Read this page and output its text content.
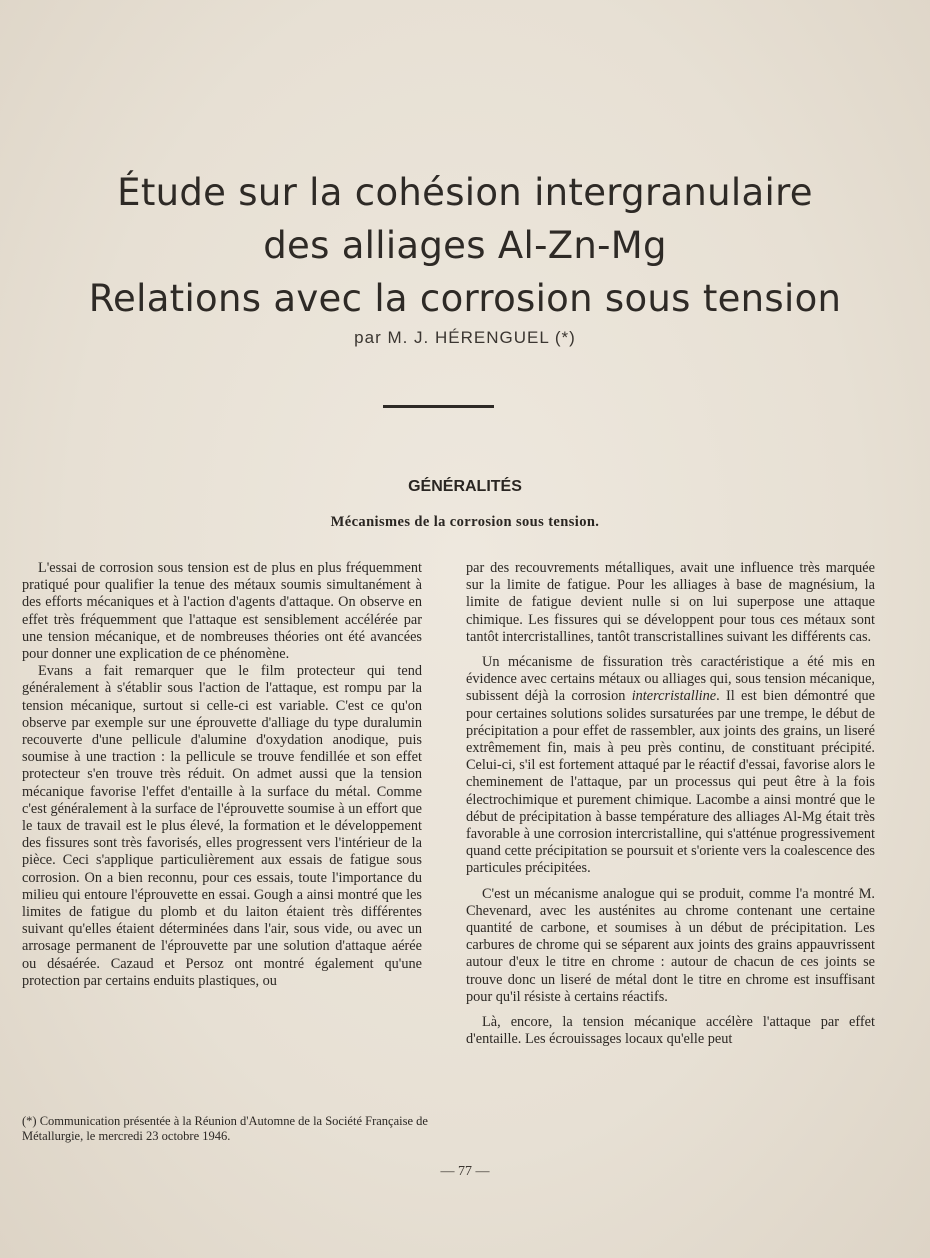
Étude sur la cohésion intergranulaire
des alliages Al-Zn-Mg
Relations avec la corrosion sous tension
par M. J. HÉRENGUEL (*)
GÉNÉRALITÉS
Mécanismes de la corrosion sous tension.

L'essai de corrosion sous tension est de plus en plus fréquemment pratiqué pour qualifier la tenue des métaux soumis simultanément à des efforts mécaniques et à l'action d'agents d'attaque. On observe en effet très fréquemment que l'attaque est sensiblement accélérée par une tension mécanique, et de nombreuses théories ont été avancées pour donner une explication de ce phénomène.

Evans a fait remarquer que le film protecteur qui tend généralement à s'établir sous l'action de l'attaque, est rompu par la tension mécanique, surtout si celle-ci est variable. C'est ce qu'on observe par exemple sur une éprouvette d'alliage du type duralumin recouverte d'une pellicule d'alumine d'oxydation anodique, puis soumise à une traction : la pellicule se trouve fendillée et son effet protecteur s'en trouve très réduit. On admet aussi que la tension mécanique favorise l'effet d'entaille à la surface du métal. Comme c'est généralement à la surface de l'éprouvette soumise à un effort que le taux de travail est le plus élevé, la formation et le développement des fissures sont très favorisés, elles progressent vers l'intérieur de la pièce. Ceci s'applique particulièrement aux essais de fatigue sous corrosion. On a bien reconnu, pour ces essais, toute l'importance du milieu qui entoure l'éprouvette en essai. Gough a ainsi montré que les limites de fatigue du plomb et du laiton étaient très différentes suivant qu'elles étaient déterminées dans l'air, sous vide, ou avec un arrosage permanent de l'éprouvette par une solution d'attaque aérée ou désaérée. Cazaud et Persoz ont montré également qu'une protection par certains enduits plastiques, ou

par des recouvrements métalliques, avait une influence très marquée sur la limite de fatigue. Pour les alliages à base de magnésium, la limite de fatigue devient nulle si on lui superpose une attaque chimique. Les fissures qui se développent pour tous ces métaux sont tantôt intercristallines, tantôt transcristallines suivant les différents cas.

Un mécanisme de fissuration très caractéristique a été mis en évidence avec certains métaux ou alliages qui, sous tension mécanique, subissent déjà la corrosion intercristalline. Il est bien démontré que pour certaines solutions solides sursaturées par une trempe, le début de précipitation a pour effet de rassembler, aux joints des grains, un liseré extrêmement fin, mais à peu près continu, de constituant précipité. Celui-ci, s'il est fortement attaqué par le réactif d'essai, favorise alors le cheminement de l'attaque, par un processus qui peut être à la fois électrochimique et purement chimique. Lacombe a ainsi montré que le début de précipitation à basse température des alliages Al-Mg était très favorable à une corrosion intercristalline, qui s'atténue progressivement quand cette précipitation se poursuit et s'oriente vers la coalescence des particules précipitées.

C'est un mécanisme analogue qui se produit, comme l'a montré M. Chevenard, avec les austénites au chrome contenant une certaine quantité de carbone, et soumises à un début de précipitation. Les carbures de chrome qui se séparent aux joints des grains appauvrissent autour d'eux le titre en chrome : autour de chacun de ces joints se trouve donc un liseré de métal dont le titre en chrome est insuffisant pour qu'il résiste à certains réactifs.

Là, encore, la tension mécanique accélère l'attaque par effet d'entaille. Les écrouissages locaux qu'elle peut

(*) Communication présentée à la Réunion d'Automne de la Société Française de Métallurgie, le mercredi 23 octobre 1946.
— 77 —
